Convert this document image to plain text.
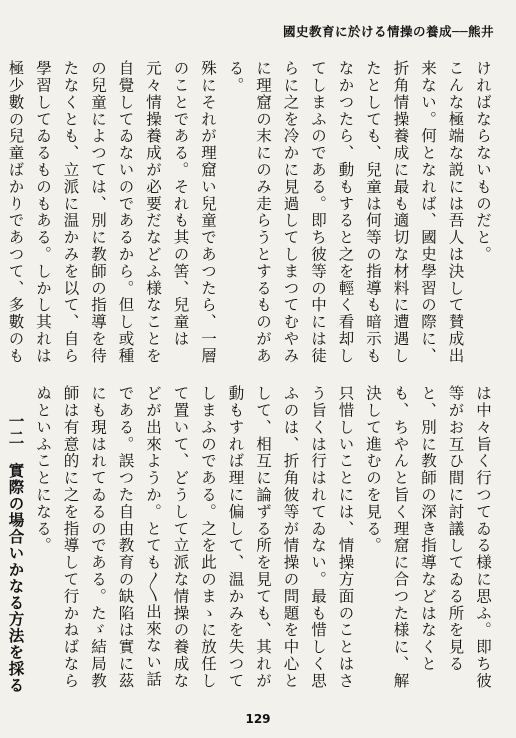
國史教育に於ける情操の養成──熊井

ければならないものだと。

こんな極端な説には吾人は決して賛成出来ない。何となれば、國史學習の際に、折角情操養成に最も適切な材料に遭遇したとしても、兒童は何等の指導も暗示もなかつたら、動もすると之を輕く看却してしまふのである。即ち彼等の中には徒らに之を冷かに見過してしまつてむやみに理窟の末にのみ走らうとするものがある。

殊にそれが理窟い兒童であつたら、一層のことである。それも其の筈、兒童は元々情操養成が必要だなどふ様なことを自覺してゐないのであるから。但し或種の兒童によつては、別に教師の指導を待たなくとも、立派に温かみを以て、自ら學習してゐるものもある。しかし其れは極少數の兒童ばかりであつて、多數のも

は中々旨く行つてゐる様に思ふ。即ち彼等がお互ひ間に討議してゐる所を見ると、別に教師の深き指導などはなくとも、ちやんと旨く理窟に合つた様に、解決して進むのを見る。

只惜しいことには、情操方面のことはさう旨くは行はれてゐない。最も惜しく思ふのは、折角彼等が情操の問題を中心として、相互に論ずる所を見ても、其れが動もすれば理に偏して、温かみを失つてしまふのである。之を此のまゝに放任して置いて、どうして立派な情操の養成などが出來ようか。とても〳〵出來ない話である。誤つた自由教育の缺陷は實に茲にも現はれてゐるのである。たゞ結局教師は有意的に之を指導して行かねばならぬといふことになる。

一二　實際の場合いかなる方法を採る

129
